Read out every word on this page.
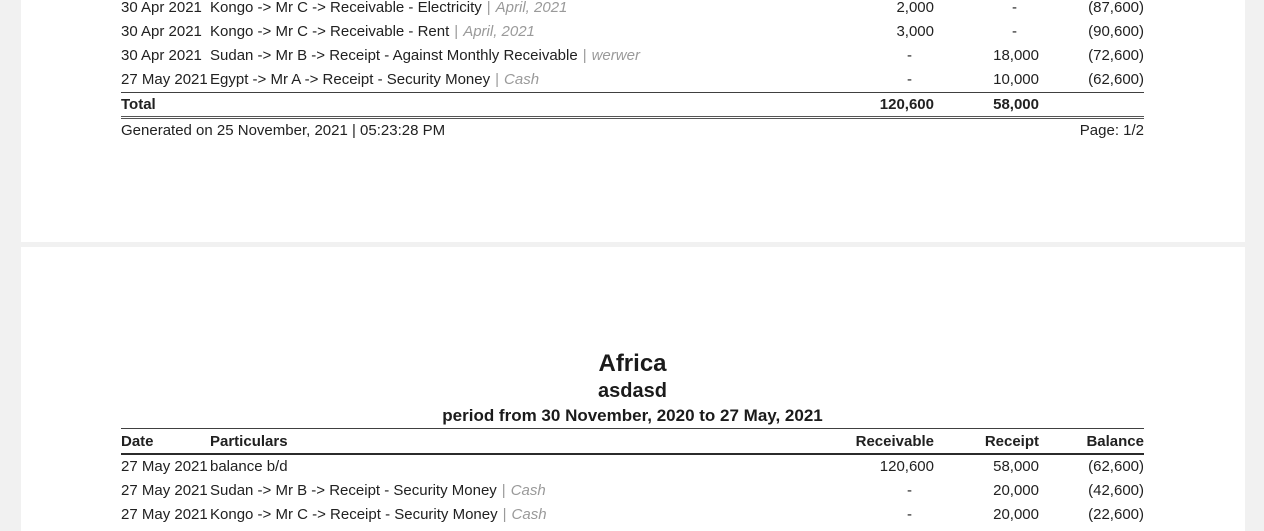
30 Apr 2021 Kongo -> Mr C -> Receivable - Electricity | April, 2021	2,000	-	(87,600)
30 Apr 2021 Kongo -> Mr C -> Receivable - Rent | April, 2021	3,000	-	(90,600)
30 Apr 2021 Sudan -> Mr B -> Receipt - Against Monthly Receivable | werwer	-	18,000	(72,600)
27 May 2021 Egypt -> Mr A -> Receipt - Security Money | Cash	-	10,000	(62,600)
Total	120,600	58,000
Generated on 25 November, 2021 | 05:23:28 PM	Page: 1/2
Africa
asdasd
period from 30 November, 2020 to 27 May, 2021
Date	Particulars	Receivable	Receipt	Balance
27 May 2021 balance b/d	120,600	58,000	(62,600)
27 May 2021 Sudan -> Mr B -> Receipt - Security Money | Cash	-	20,000	(42,600)
27 May 2021 Kongo -> Mr C -> Receipt - Security Money | Cash	-	20,000	(22,600)
